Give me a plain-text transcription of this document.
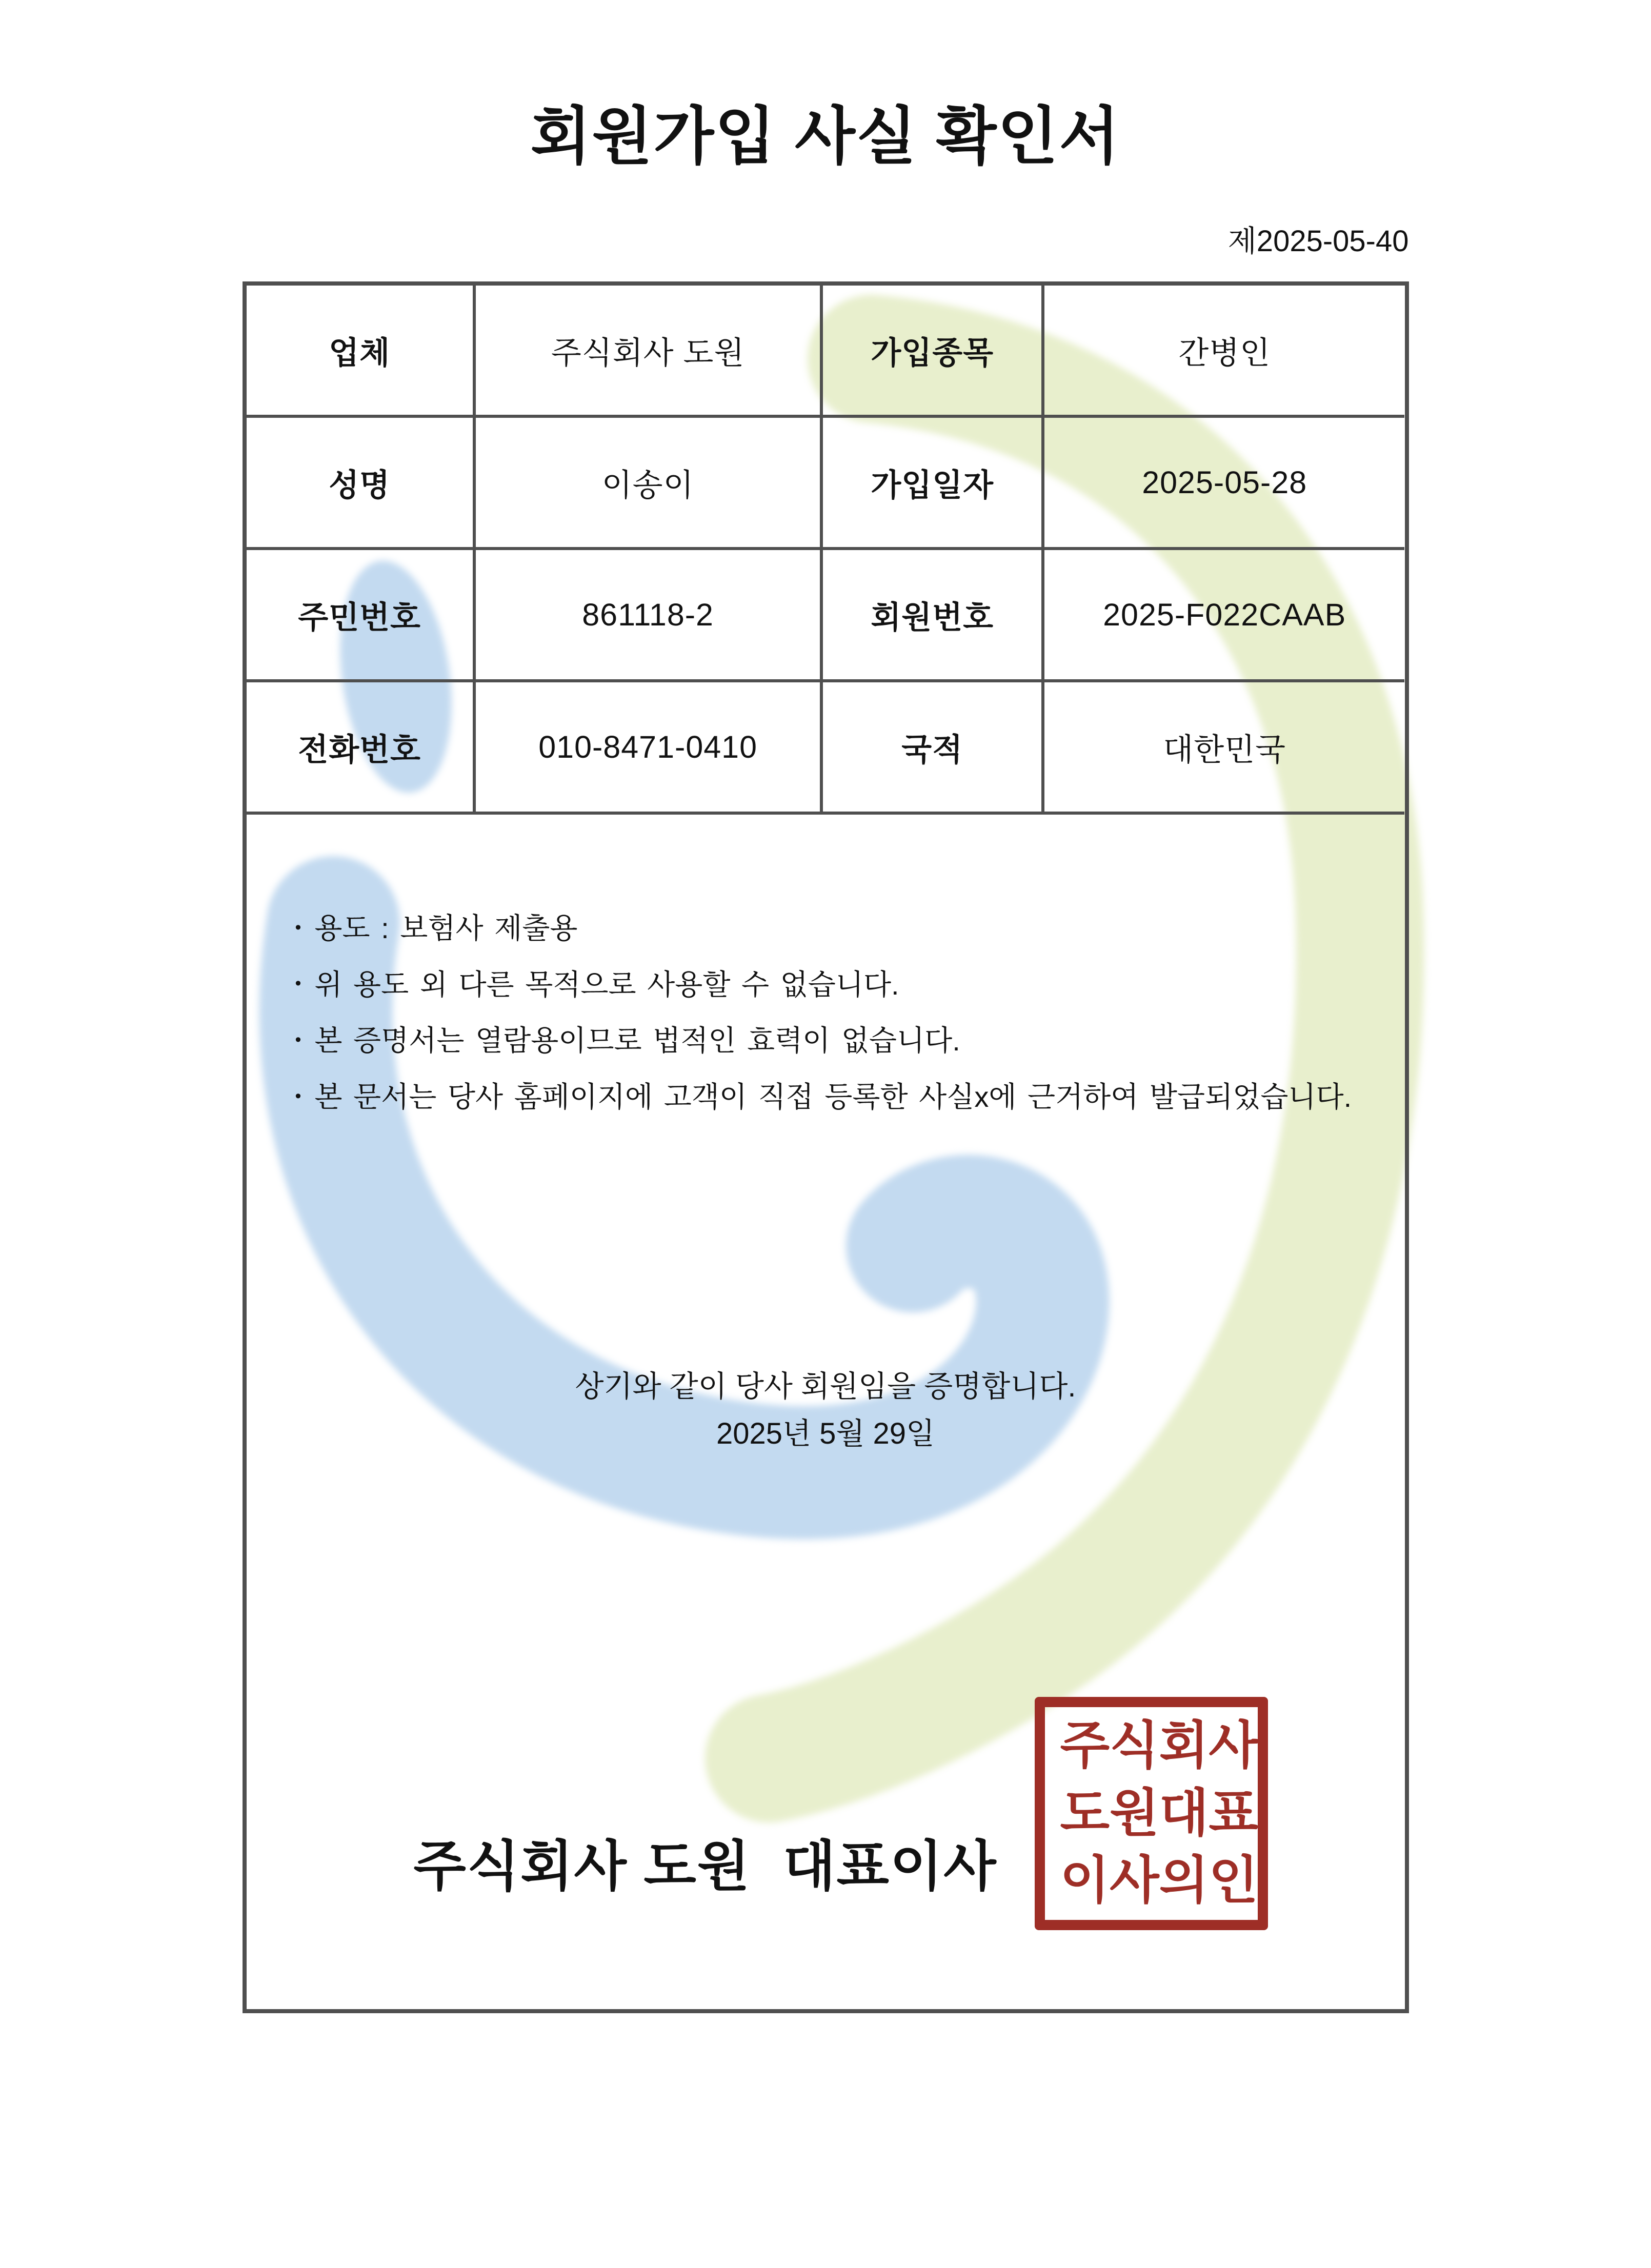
회원가입 사실 확인서
제2025-05-40
업체	주식회사 도원	가입종목	간병인
성명	이송이	가입일자	2025-05-28
주민번호	861118-2	회원번호	2025-F022CAAB
전화번호	010-8471-0410	국적	대한민국
• 용도 : 보험사 제출용
• 위 용도 외 다른 목적으로 사용할 수 없습니다.
• 본 증명서는 열람용이므로 법적인 효력이 없습니다.
• 본 문서는 당사 홈페이지에 고객이 직접 등록한 사실x에 근거하여 발급되었습니다.
상기와 같이 당사 회원임을 증명합니다.
2025년 5월 29일
주식회사 도원  대표이사
주 식 회 사
도 원 대 표
이 사 의 인
